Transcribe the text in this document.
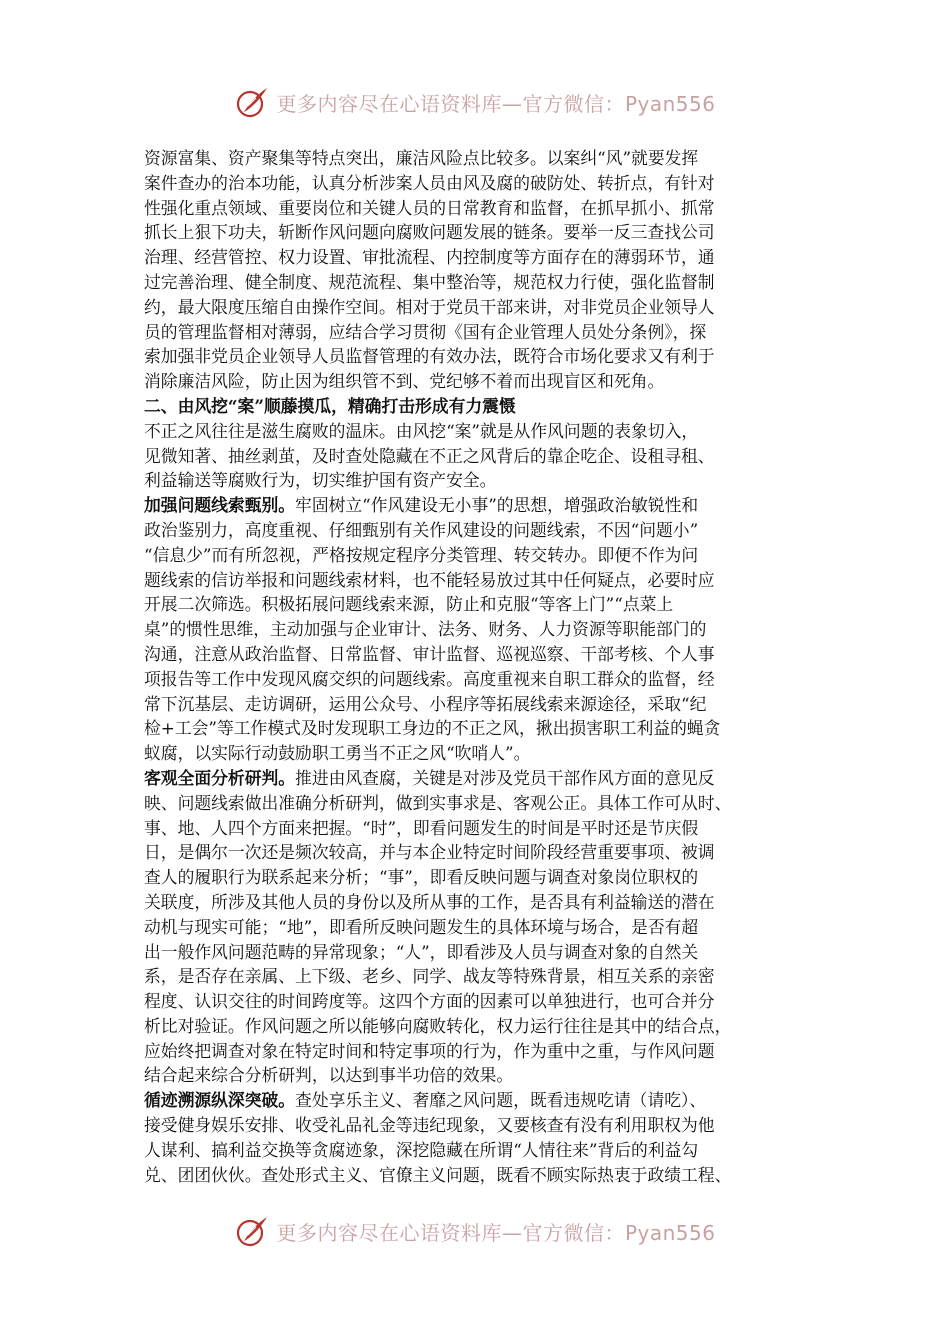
更多内容尽在心语资料库—官方微信：Pyan556
资源富集、资产聚集等特点突出，廉洁风险点比较多。以案纠“风”就要发挥
案件查办的治本功能，认真分析涉案人员由风及腐的破防处、转折点，有针对
性强化重点领域、重要岗位和关键人员的日常教育和监督，在抓早抓小、抓常
抓长上狠下功夫，斩断作风问题向腐败问题发展的链条。要举一反三查找公司
治理、经营管控、权力设置、审批流程、内控制度等方面存在的薄弱环节，通
过完善治理、健全制度、规范流程、集中整治等，规范权力行使，强化监督制
约，最大限度压缩自由操作空间。相对于党员干部来讲，对非党员企业领导人
员的管理监督相对薄弱，应结合学习贯彻《国有企业管理人员处分条例》，探
索加强非党员企业领导人员监督管理的有效办法，既符合市场化要求又有利于
消除廉洁风险，防止因为组织管不到、党纪够不着而出现盲区和死角。
二、由风挖“案”顺藤摸瓜，精确打击形成有力震慑
不正之风往往是滋生腐败的温床。由风挖“案”就是从作风问题的表象切入，
见微知著、抽丝剥茧，及时查处隐藏在不正之风背后的靠企吃企、设租寻租、
利益输送等腐败行为，切实维护国有资产安全。
加强问题线索甄别。牢固树立“作风建设无小事”的思想，增强政治敏锐性和
政治鉴别力，高度重视、仔细甄别有关作风建设的问题线索，不因“问题小”
“信息少”而有所忽视，严格按规定程序分类管理、转交转办。即便不作为问
题线索的信访举报和问题线索材料，也不能轻易放过其中任何疑点，必要时应
开展二次筛选。积极拓展问题线索来源，防止和克服“等客上门”“点菜上
桌”的惯性思维，主动加强与企业审计、法务、财务、人力资源等职能部门的
沟通，注意从政治监督、日常监督、审计监督、巡视巡察、干部考核、个人事
项报告等工作中发现风腐交织的问题线索。高度重视来自职工群众的监督，经
常下沉基层、走访调研，运用公众号、小程序等拓展线索来源途径，采取“纪
检+工会”等工作模式及时发现职工身边的不正之风，揪出损害职工利益的蝇贪
蚁腐，以实际行动鼓励职工勇当不正之风“吹哨人”。
客观全面分析研判。推进由风查腐，关键是对涉及党员干部作风方面的意见反
映、问题线索做出准确分析研判，做到实事求是、客观公正。具体工作可从时、
事、地、人四个方面来把握。“时”，即看问题发生的时间是平时还是节庆假
日，是偶尔一次还是频次较高，并与本企业特定时间阶段经营重要事项、被调
查人的履职行为联系起来分析；“事”，即看反映问题与调查对象岗位职权的
关联度，所涉及其他人员的身份以及所从事的工作，是否具有利益输送的潜在
动机与现实可能；“地”，即看所反映问题发生的具体环境与场合，是否有超
出一般作风问题范畴的异常现象；“人”，即看涉及人员与调查对象的自然关
系，是否存在亲属、上下级、老乡、同学、战友等特殊背景，相互关系的亲密
程度、认识交往的时间跨度等。这四个方面的因素可以单独进行，也可合并分
析比对验证。作风问题之所以能够向腐败转化，权力运行往往是其中的结合点，
应始终把调查对象在特定时间和特定事项的行为，作为重中之重，与作风问题
结合起来综合分析研判，以达到事半功倍的效果。
循迹溯源纵深突破。查处享乐主义、奢靡之风问题，既看违规吃请（请吃）、
接受健身娱乐安排、收受礼品礼金等违纪现象，又要核查有没有利用职权为他
人谋利、搞利益交换等贪腐迹象，深挖隐藏在所谓“人情往来”背后的利益勾
兑、团团伙伙。查处形式主义、官僚主义问题，既看不顾实际热衷于政绩工程、
更多内容尽在心语资料库—官方微信：Pyan556
